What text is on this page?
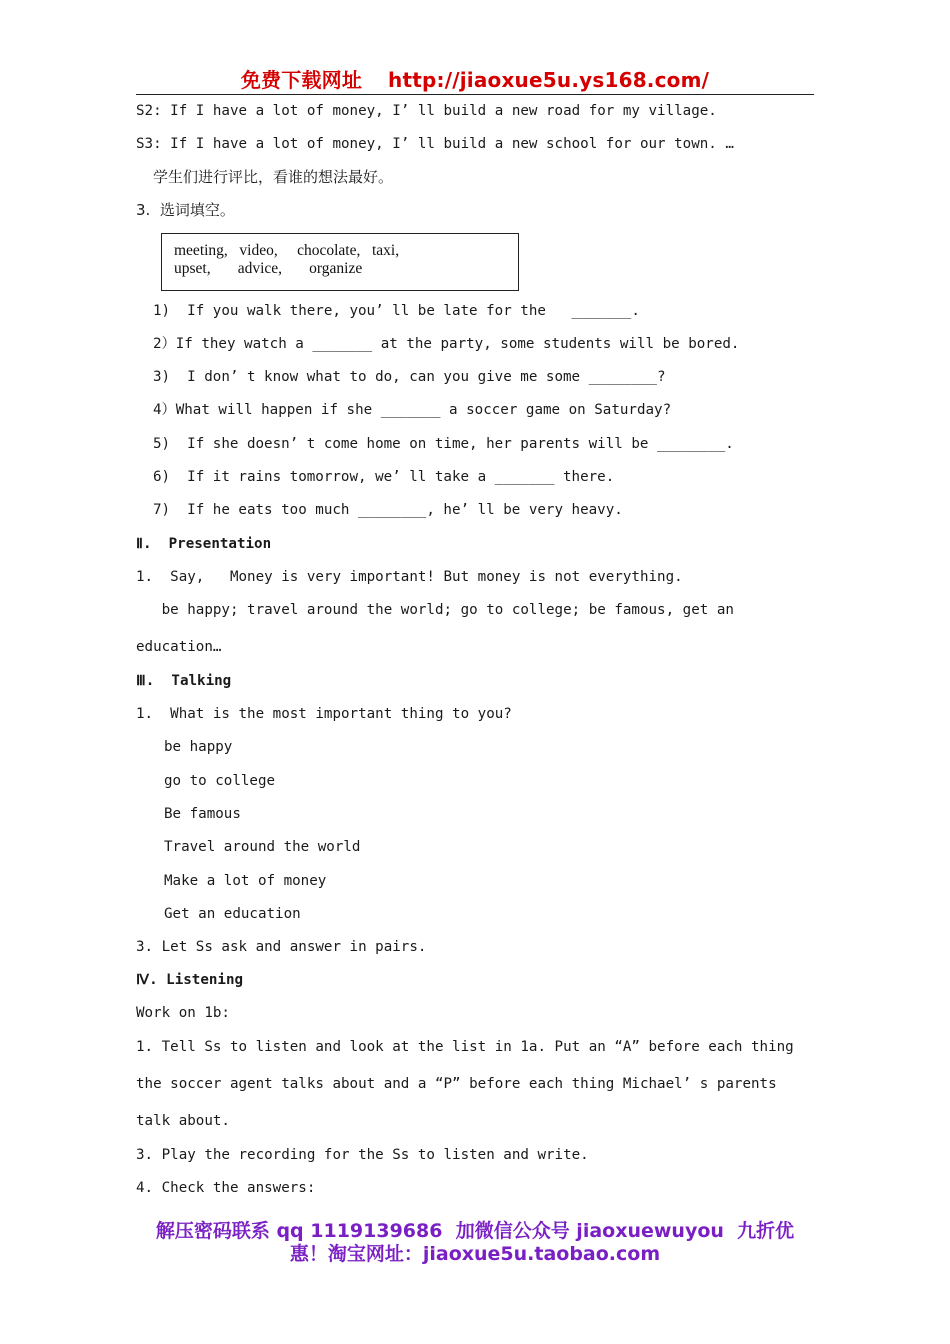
免费下载网址 http://jiaoxue5u.ys168.com/
S2: If I have a lot of money, I’ ll build a new road for my village.
S3: If I have a lot of money, I’ ll build a new school for our town. …
学生们进行评比，看谁的想法最好。
3.  选词填空。
meeting,   video,     chocolate,   taxi,
upset,       advice,       organize
1)  If you walk there, you’ ll be late for the   _______.
2）If they watch a _______ at the party, some students will be bored.
3)  I don’ t know what to do, can you give me some ________?
4）What will happen if she _______ a soccer game on Saturday?
5)  If she doesn’ t come home on time, her parents will be ________.
6)  If it rains tomorrow, we’ ll take a _______ there.
7)  If he eats too much ________, he’ ll be very heavy.
Ⅱ.  Presentation
1.  Say,   Money is very important! But money is not everything.
be happy; travel around the world; go to college; be famous, get an
education…
Ⅲ.  Talking
1.  What is the most important thing to you?
be happy
go to college
Be famous
Travel around the world
Make a lot of money
Get an education
3. Let Ss ask and answer in pairs.
Ⅳ. Listening
Work on 1b:
1. Tell Ss to listen and look at the list in 1a. Put an “A” before each thing
the soccer agent talks about and a “P” before each thing Michael’ s parents
talk about.
3. Play the recording for the Ss to listen and write.
4. Check the answers:
解压密码联系 qq 1119139686  加微信公众号 jiaoxuewuyou  九折优
惠！淘宝网址：jiaoxue5u.taobao.com
